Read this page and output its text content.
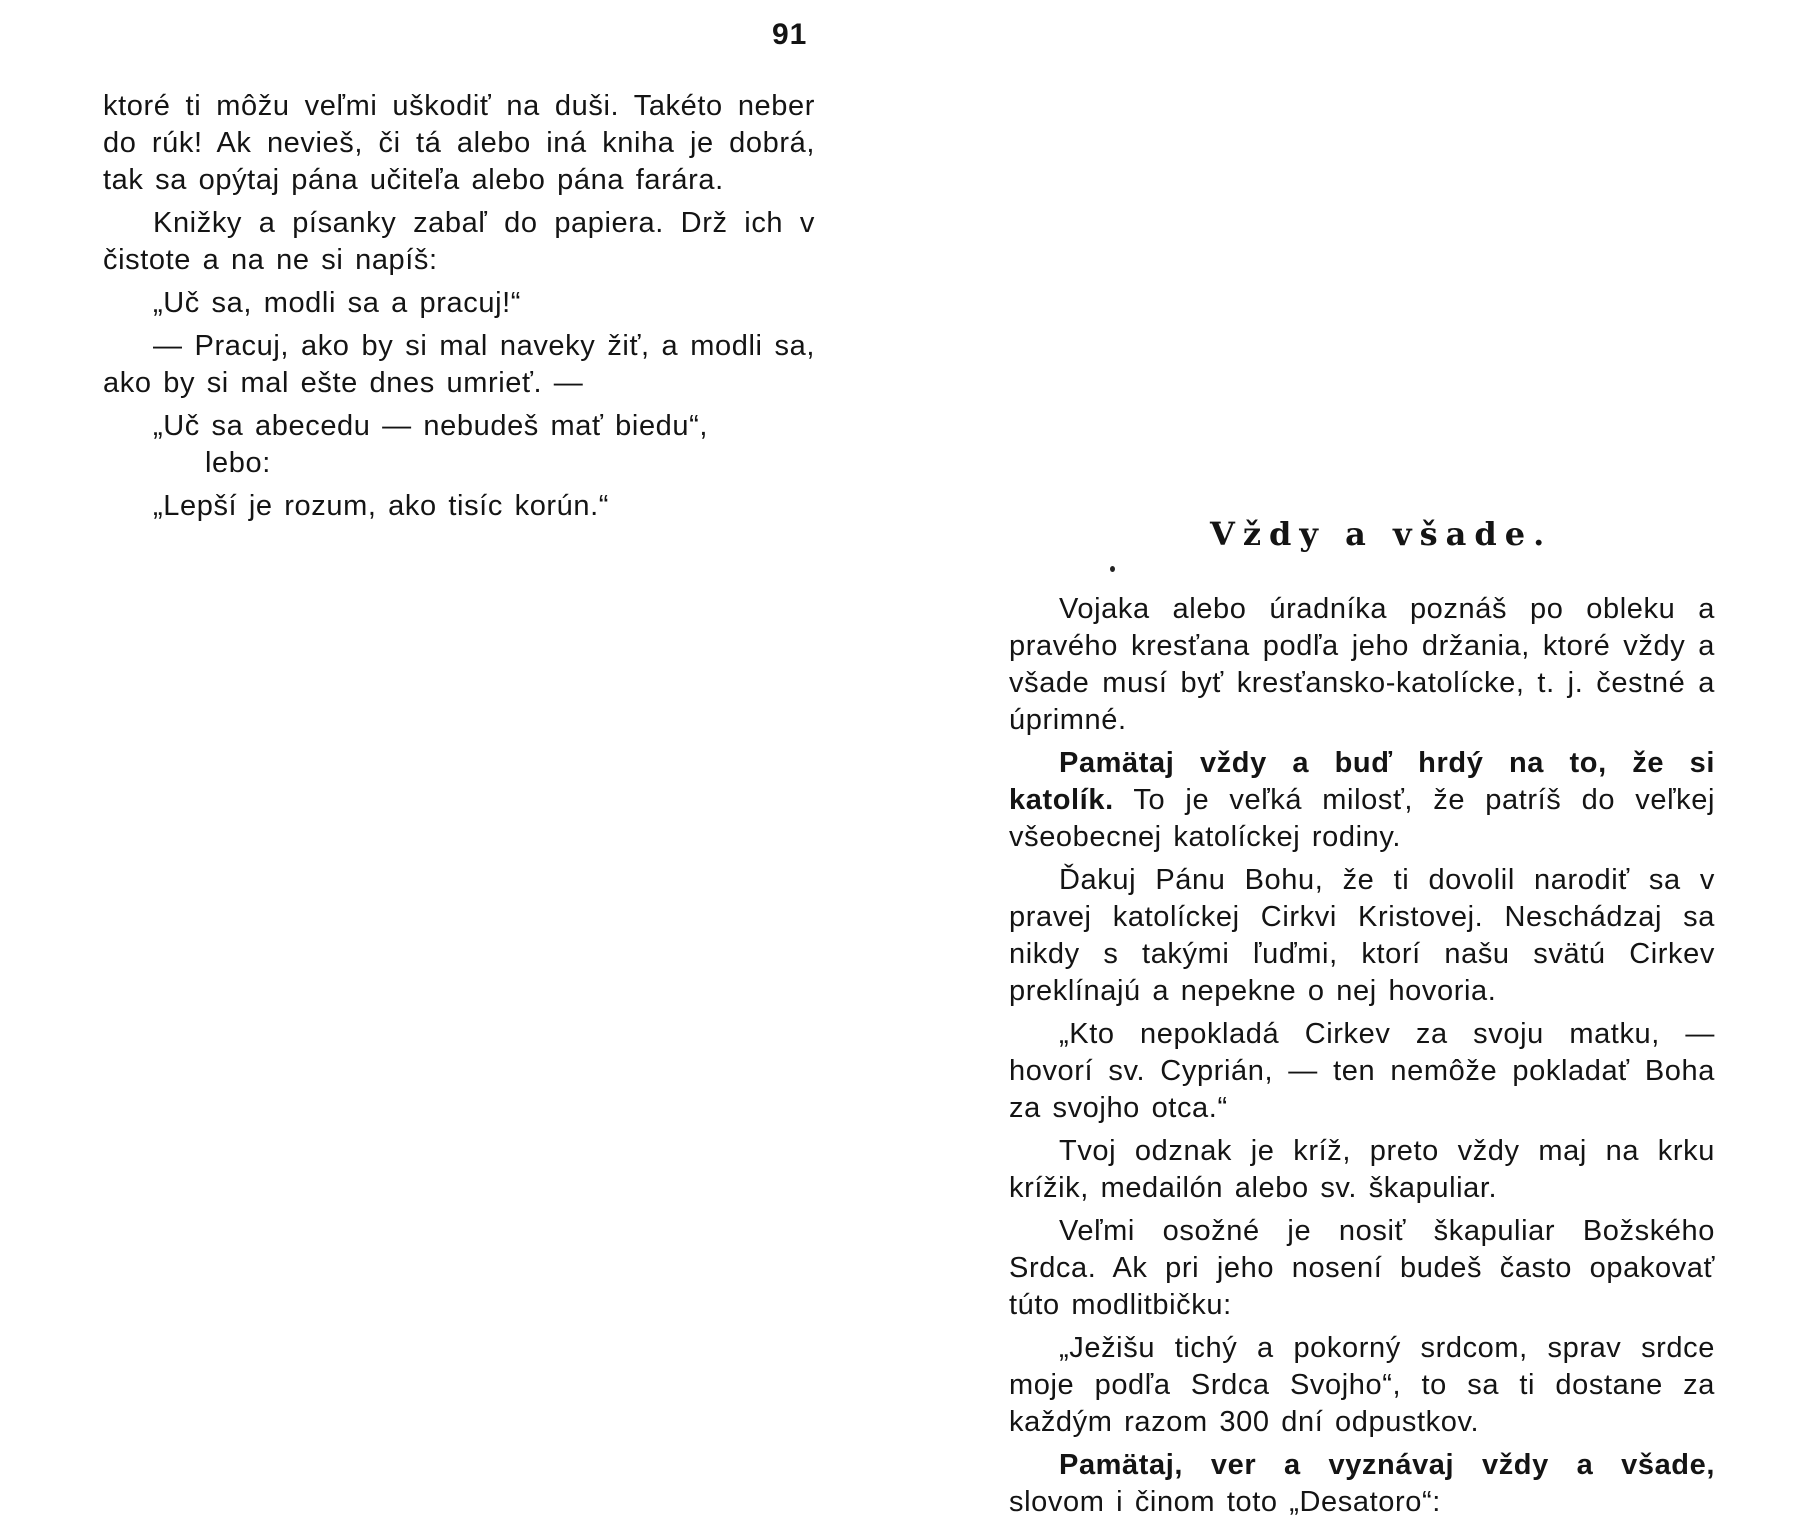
91

ktoré ti môžu veľmi uškodiť na duši. Takéto neber do rúk! Ak nevieš, či tá alebo iná kniha je dobrá, tak sa opýtaj pána učiteľa alebo pána farára.

Knižky a písanky zabaľ do papiera. Drž ich v čistote a na ne si napíš:

„Uč sa, modli sa a pracuj!“

— Pracuj, ako by si mal naveky žiť, a modli sa, ako by si mal ešte dnes umrieť. —

„Uč sa abecedu — nebudeš mať biedu“,
lebo:

„Lepší je rozum, ako tisíc korún.“

Vždy a všade.

Vojaka alebo úradníka poznáš po obleku a pravého kresťana podľa jeho držania, ktoré vždy a všade musí byť kresťansko-katolícke, t. j. čestné a úprimné.

Pamätaj vždy a buď hrdý na to, že si katolík. To je veľká milosť, že patríš do veľkej všeobecnej katolíckej rodiny.

Ďakuj Pánu Bohu, že ti dovolil narodiť sa v pravej katolíckej Cirkvi Kristovej. Neschádzaj sa nikdy s takými ľuďmi, ktorí našu svätú Cirkev preklínajú a nepekne o nej hovoria.

„Kto nepokladá Cirkev za svoju matku, — hovorí sv. Cyprián, — ten nemôže pokladať Boha za svojho otca.“

Tvoj odznak je kríž, preto vždy maj na krku krížik, medailón alebo sv. škapuliar.

Veľmi osožné je nosiť škapuliar Božského Srdca. Ak pri jeho nosení budeš často opakovať túto modlitbičku:

„Ježišu tichý a pokorný srdcom, sprav srdce moje podľa Srdca Svojho“, to sa ti dostane za každým razom 300 dní odpustkov.

Pamätaj, ver a vyznávaj vždy a všade, slovom i činom toto „Desatoro“:
